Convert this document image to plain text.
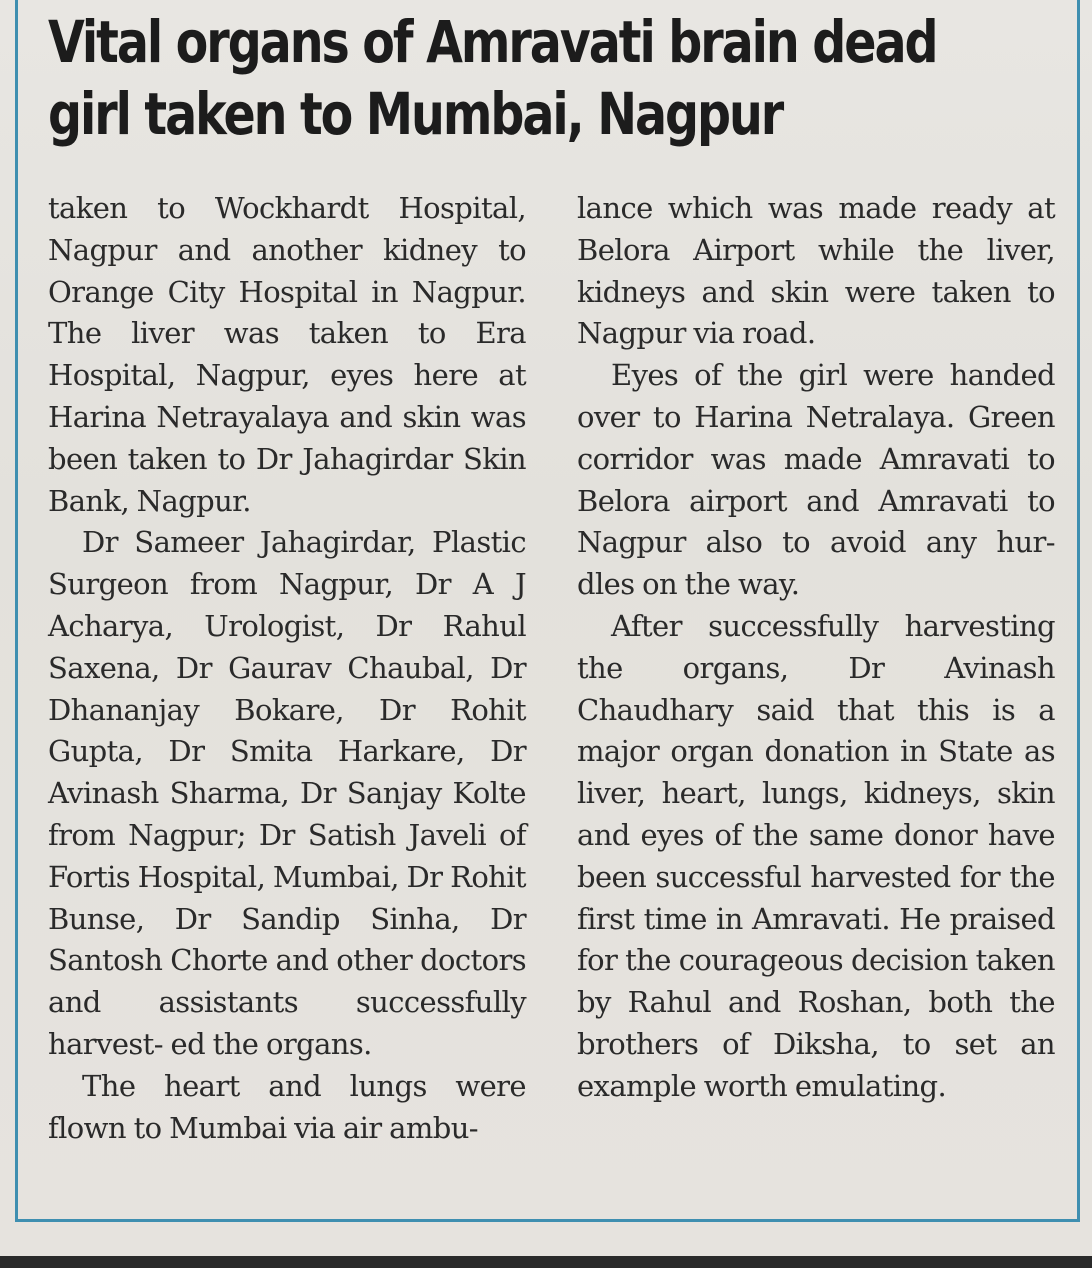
Vital organs of Amravati brain dead
girl taken to Mumbai, Nagpur

taken to Wockhardt Hospital, Nagpur and another kidney to Orange City Hospital in Nagpur. The liver was taken to Era Hospital, Nagpur, eyes here at Harina Netrayalaya and skin was been taken to Dr Jahagirdar Skin Bank, Nagpur.

Dr Sameer Jahagirdar, Plastic Surgeon from Nagpur, Dr A J Acharya, Urologist, Dr Rahul Saxena, Dr Gaurav Chaubal, Dr Dhananjay Bokare, Dr Rohit Gupta, Dr Smita Harkare, Dr Avinash Sharma, Dr Sanjay Kolte from Nagpur; Dr Satish Javeli of Fortis Hospital, Mumbai, Dr Rohit Bunse, Dr Sandip Sinha, Dr Santosh Chorte and other doctors and assistants successfully harvest- ed the organs.

The heart and lungs were flown to Mumbai via air ambu-

lance which was made ready at Belora Airport while the liver, kidneys and skin were taken to Nagpur via road.

Eyes of the girl were handed over to Harina Netralaya. Green corridor was made Amravati to Belora airport and Amravati to Nagpur also to avoid any hur- dles on the way.

After successfully harvesting the organs, Dr Avinash Chaudhary said that this is a major organ donation in State as liver, heart, lungs, kidneys, skin and eyes of the same donor have been successful harvested for the first time in Amravati. He praised for the courageous decision taken by Rahul and Roshan, both the brothers of Diksha, to set an example worth emulating.
